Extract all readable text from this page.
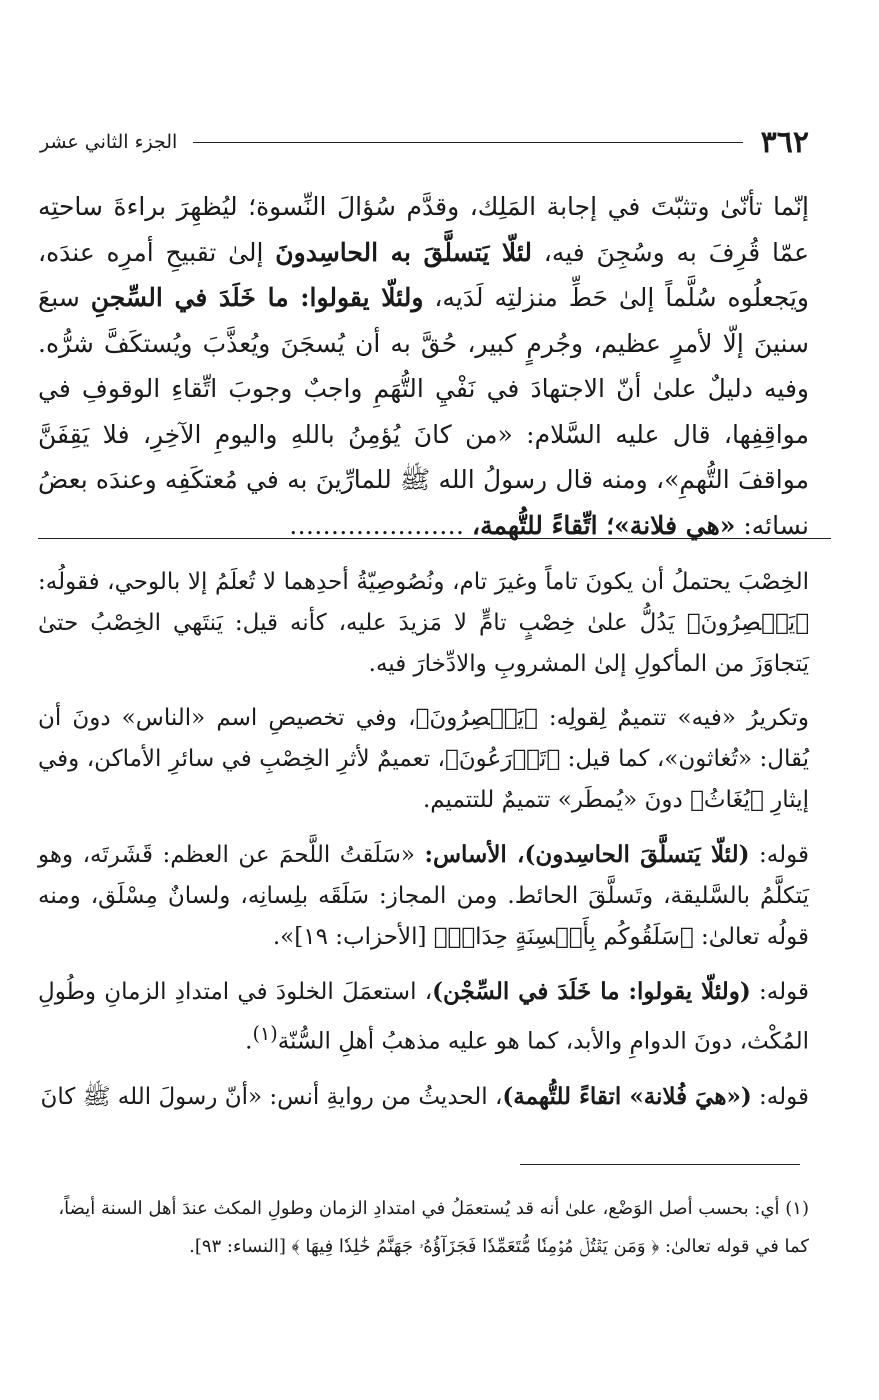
٣٦٢
الجزء الثاني عشر

إنّما تأنّىٰ وتثبّتَ في إجابة المَلِك، وقدَّم سُؤالَ النِّسوة؛ ليُظهِرَ براءةَ ساحتِه عمّا قُرِفَ به وسُجِنَ فيه، لئلّا يَتسلَّقَ به الحاسِدونَ إلىٰ تقبيحِ أمرِه عندَه، ويَجعلُوه سُلَّماً إلىٰ حَطِّ منزلتِه لَدَيه، ولئلّا يقولوا: ما خَلَدَ في السِّجنِ سبعَ سنينَ إلّا لأمرٍ عظيم، وجُرمٍ كبير، حُقَّ به أن يُسجَنَ ويُعذَّبَ ويُستكَفَّ شرُّه. وفيه دليلٌ علىٰ أنّ الاجتهادَ في نَفْيِ التُّهَمِ واجبٌ وجوبَ اتِّقاءِ الوقوفِ في مواقِفِها، قال عليه السَّلام: «من كانَ يُؤمِنُ باللهِ واليومِ الآخِرِ، فلا يَقِفَنَّ مواقفَ التُّهمِ»، ومنه قال رسولُ الله ﷺ للمارِّينَ به في مُعتكَفِه وعندَه بعضُ نسائه: «هي فلانة»؛ اتِّقاءً للتُّهمة، …………………

الخِصْبَ يحتملُ أن يكونَ تاماً وغيرَ تام، ونُصُوصِيّةُ أحدِهما لا تُعلَمُ إلا بالوحي، فقولُه: ﴿يَعۡصِرُونَ﴾ يَدُلُّ علىٰ خِصْبٍ تامٍّ لا مَزيدَ عليه، كأنه قيل: يَنتَهي الخِصْبُ حتىٰ يَتجاوَزَ من المأكولِ إلىٰ المشروبِ والادِّخارَ فيه.

وتكريرُ «فيه» تتميمٌ لِقولِه: ﴿يَعۡصِرُونَ﴾، وفي تخصيصِ اسم «الناس» دونَ أن يُقال: «تُغاثون»، كما قيل: ﴿تَزۡرَعُونَ﴾، تعميمٌ لأثرِ الخِصْبِ في سائرِ الأماكن، وفي إيثارِ ﴿يُغَاثُ﴾ دونَ «يُمطَر» تتميمٌ للتتميم.

قوله: (لئلّا يَتسلَّقَ الحاسِدون)، الأساس: «سَلَقتُ اللَّحمَ عن العظم: قَشَرتَه، وهو يَتكلَّمُ بالسَّليقة، وتَسلَّقَ الحائط. ومن المجاز: سَلَقَه بلِسانِه، ولسانٌ مِسْلَق، ومنه قولُه تعالىٰ: ﴿سَلَقُوكُم بِأَلۡسِنَةٍ حِدَادٖ﴾ [الأحزاب: ١٩]».

قوله: (ولئلّا يقولوا: ما خَلَدَ في السِّجْن)، استعمَلَ الخلودَ في امتدادِ الزمانِ وطُولِ المُكْث، دونَ الدوامِ والأبد، كما هو عليه مذهبُ أهلِ السُّنّة$^{(١)}$.

قوله: («هيَ فُلانة» اتقاءً للتُّهمة)، الحديثُ من روايةِ أنس: «أنّ رسولَ الله ﷺ كانَ

(١) أي: بحسب أصل الوَضْع، علىٰ أنه قد يُستعمَلُ في امتدادِ الزمان وطولِ المكث عندَ أهل السنة أيضاً،

كما في قوله تعالىٰ: ﴿ وَمَن يَقۡتُلۡ مُؤۡمِنٗا مُّتَعَمِّدٗا فَجَزَآؤُهُۥ جَهَنَّمُ خَٰلِدٗا فِيهَا ﴾ [النساء: ٩٣].
